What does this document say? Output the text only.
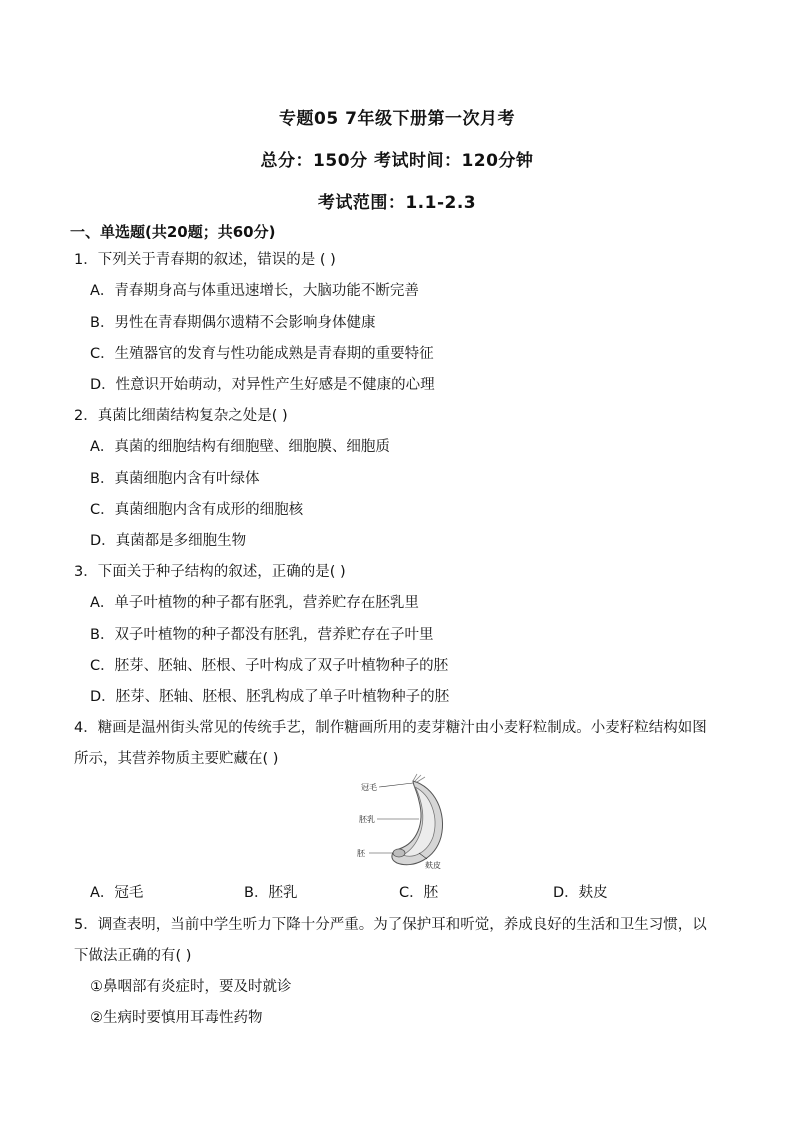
专题05 7年级下册第一次月考
总分：150分 考试时间：120分钟
考试范围：1.1-2.3
一、单选题(共20题；共60分)
1．下列关于青春期的叙述，错误的是 ( )
A．青春期身高与体重迅速增长，大脑功能不断完善
B．男性在青春期偶尔遗精不会影响身体健康
C．生殖器官的发育与性功能成熟是青春期的重要特征
D．性意识开始萌动，对异性产生好感是不健康的心理
2．真菌比细菌结构复杂之处是( )
A．真菌的细胞结构有细胞壁、细胞膜、细胞质
B．真菌细胞内含有叶绿体
C．真菌细胞内含有成形的细胞核
D．真菌都是多细胞生物
3．下面关于种子结构的叙述，正确的是( )
A．单子叶植物的种子都有胚乳，营养贮存在胚乳里
B．双子叶植物的种子都没有胚乳，营养贮存在子叶里
C．胚芽、胚轴、胚根、子叶构成了双子叶植物种子的胚
D．胚芽、胚轴、胚根、胚乳构成了单子叶植物种子的胚
4．糖画是温州街头常见的传统手艺，制作糖画所用的麦芽糖汁由小麦籽粒制成。小麦籽粒结构如图
所示，其营养物质主要贮藏在( )
冠毛
胚乳
胚
麸皮
A．冠毛	B．胚乳	C．胚	D．麸皮
5．调查表明，当前中学生听力下降十分严重。为了保护耳和听觉，养成良好的生活和卫生习惯，以
下做法正确的有( )
①鼻咽部有炎症时，要及时就诊
②生病时要慎用耳毒性药物
